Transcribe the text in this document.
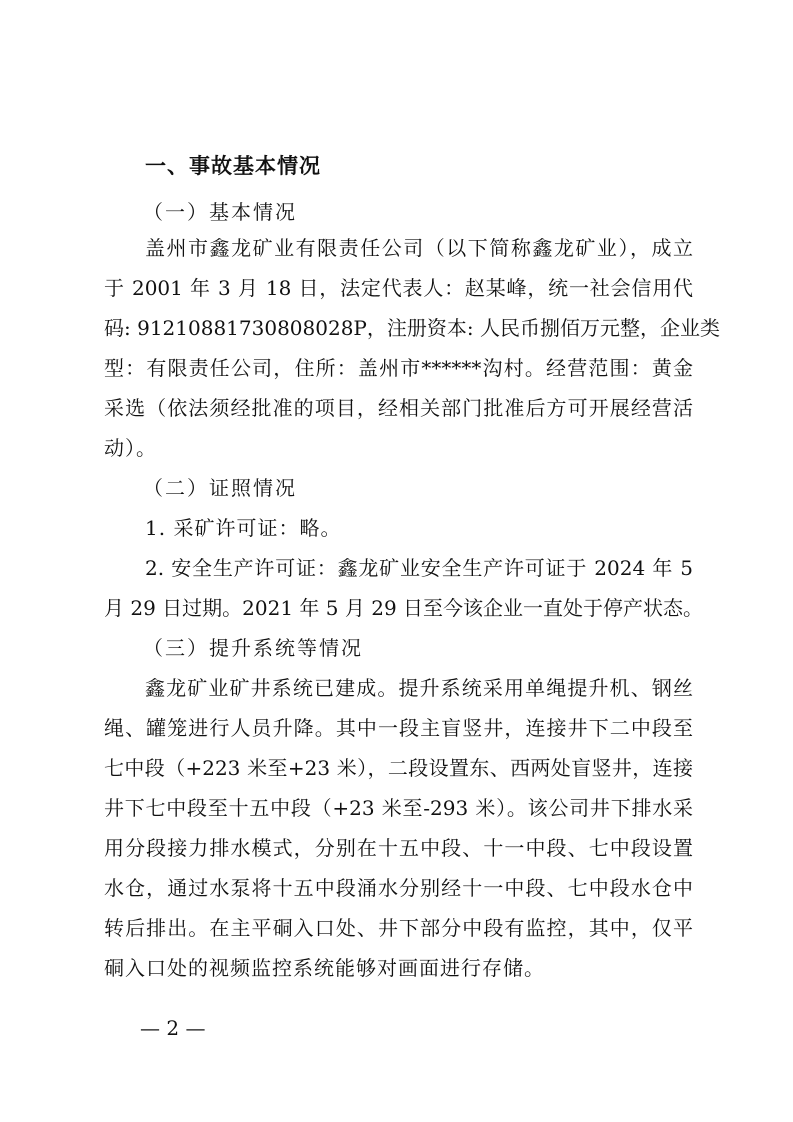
一、事故基本情况
（一）基本情况
盖州市鑫龙矿业有限责任公司（以下简称鑫龙矿业），成立
于 2001 年 3 月 18 日，法定代表人：赵某峰，统一社会信用代
码: 91210881730808028P，注册资本: 人民币捌佰万元整，企业类
型：有限责任公司，住所：盖州市******沟村。经营范围：黄金
采选（依法须经批准的项目，经相关部门批准后方可开展经营活
动）。
（二）证照情况
1. 采矿许可证：略。
2. 安全生产许可证：鑫龙矿业安全生产许可证于 2024 年 5
月 29 日过期。2021 年 5 月 29 日至今该企业一直处于停产状态。
（三）提升系统等情况
鑫龙矿业矿井系统已建成。提升系统采用单绳提升机、钢丝
绳、罐笼进行人员升降。其中一段主盲竖井，连接井下二中段至
七中段（+223 米至+23 米），二段设置东、西两处盲竖井，连接
井下七中段至十五中段（+23 米至-293 米）。该公司井下排水采
用分段接力排水模式，分别在十五中段、十一中段、七中段设置
水仓，通过水泵将十五中段涌水分别经十一中段、七中段水仓中
转后排出。在主平硐入口处、井下部分中段有监控，其中，仅平
硐入口处的视频监控系统能够对画面进行存储。
— 2 —
